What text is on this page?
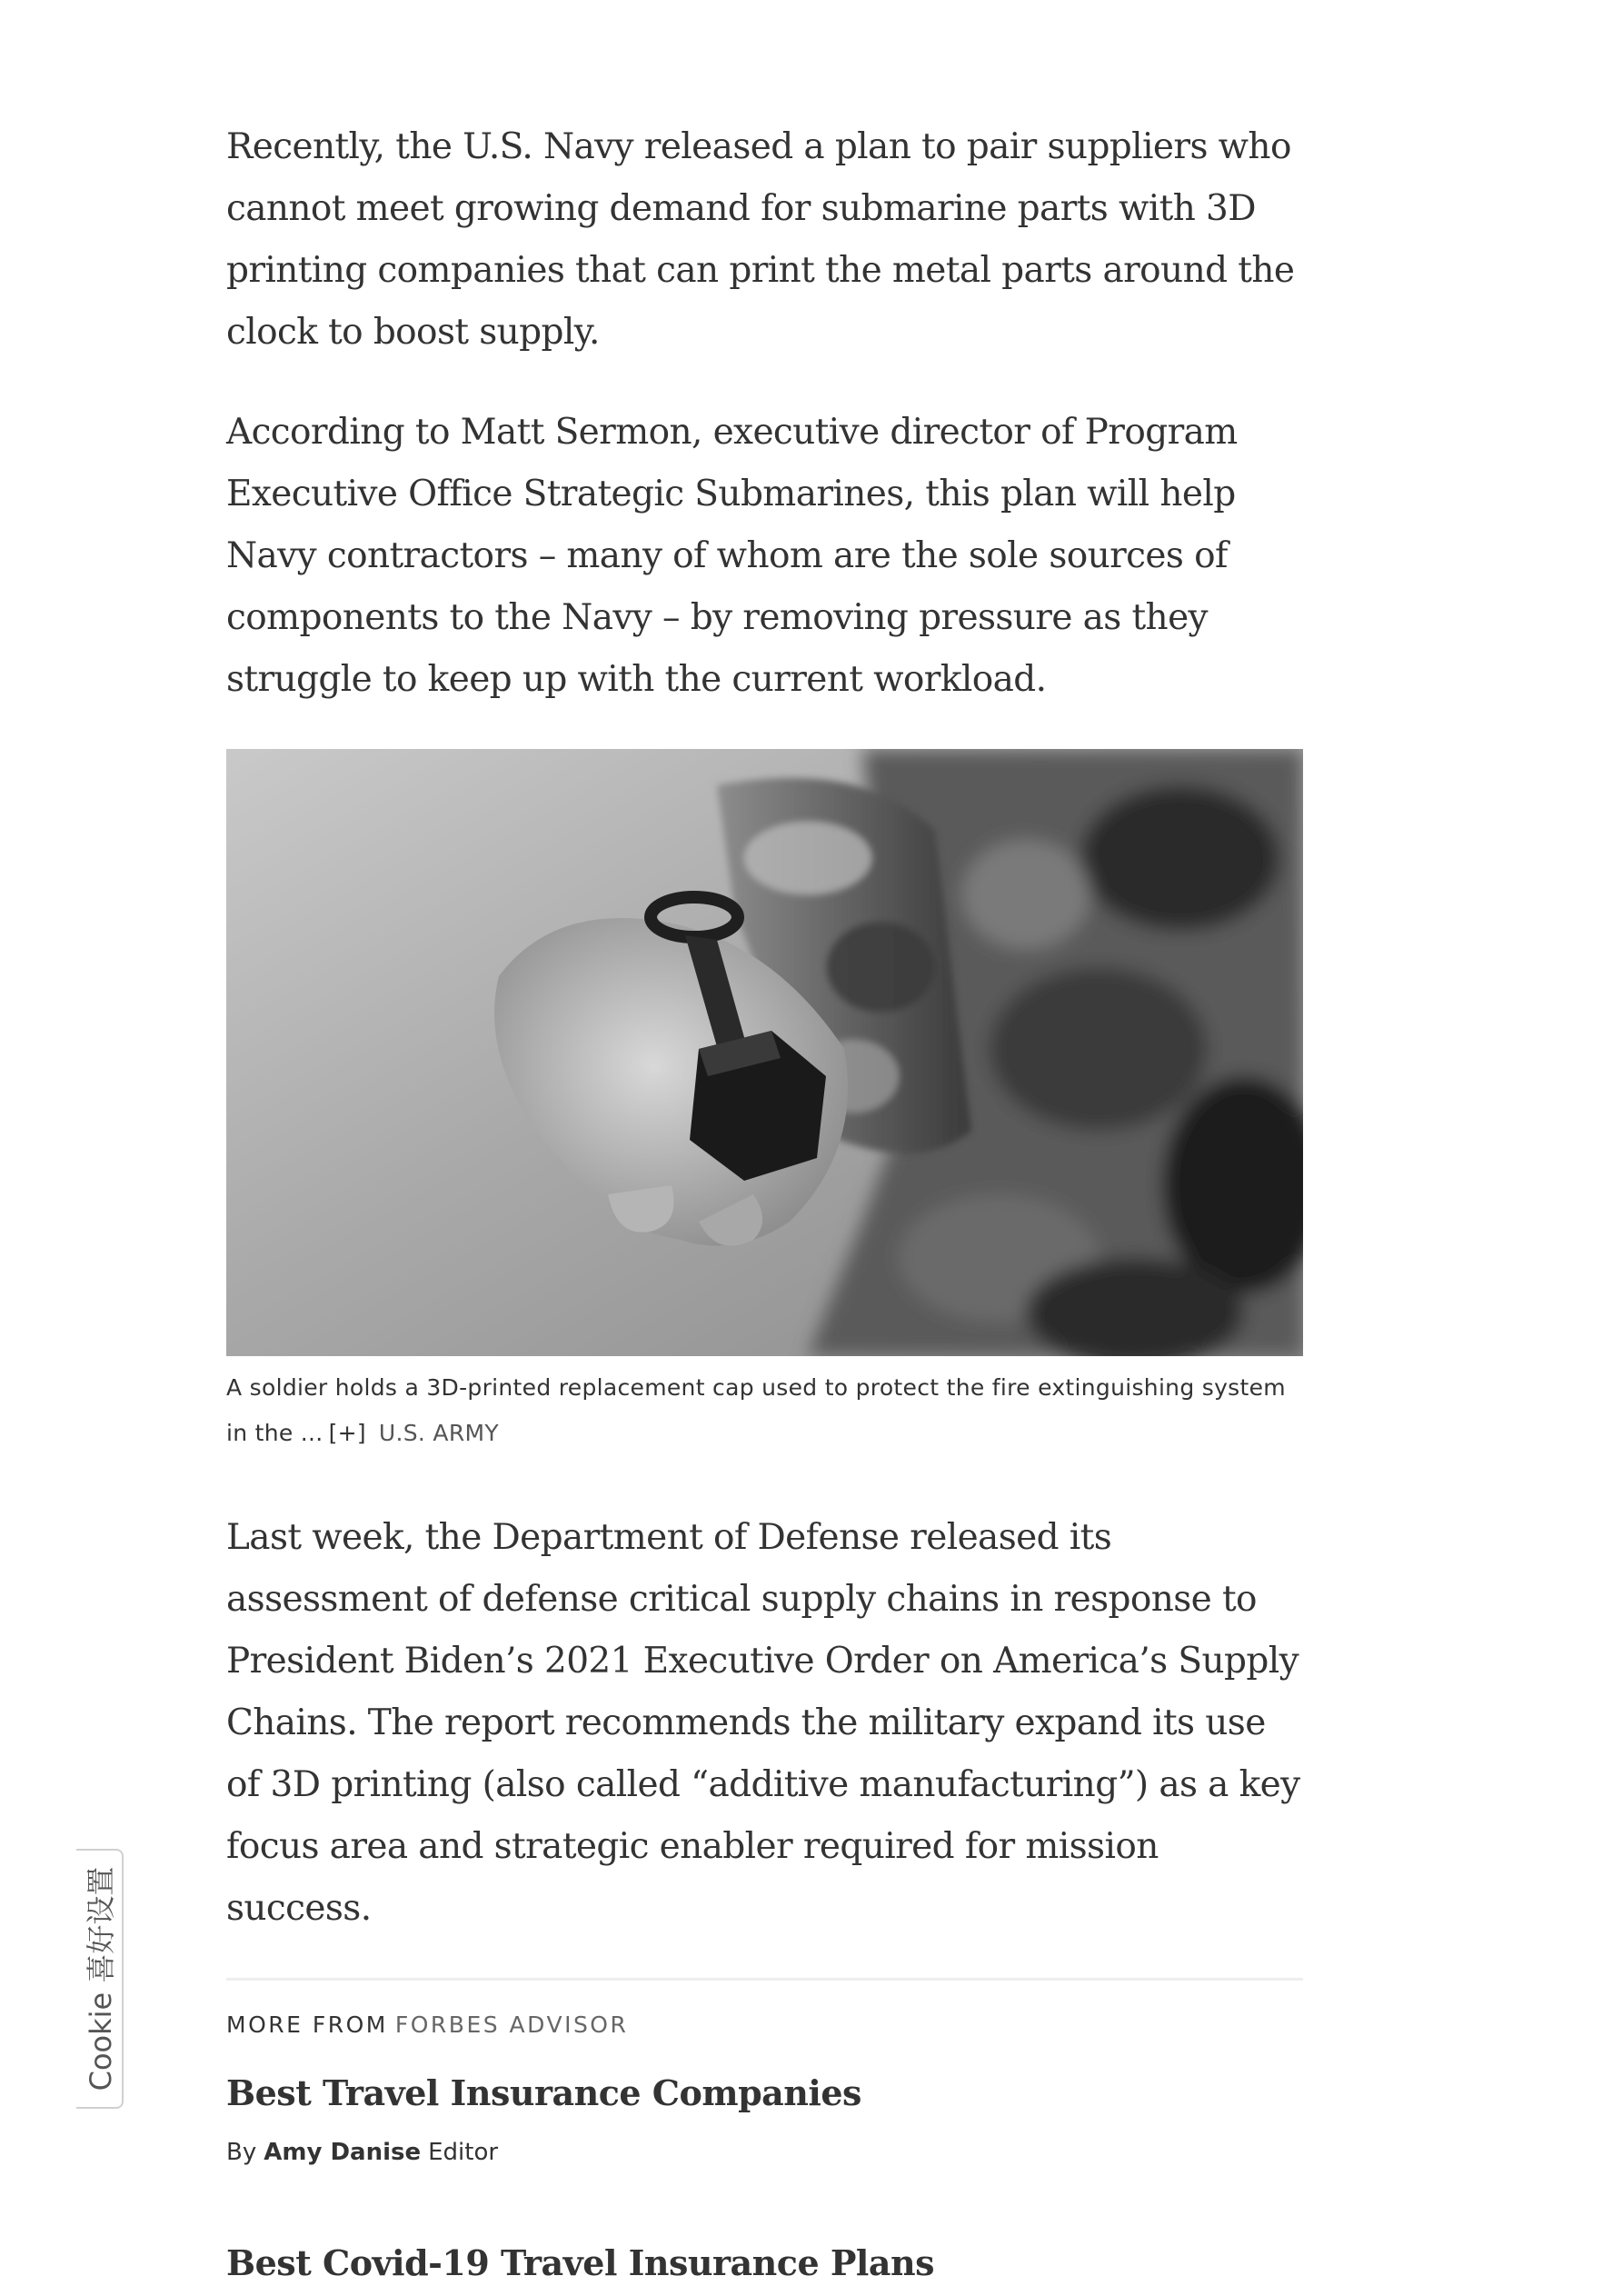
Recently, the U.S. Navy released a plan to pair suppliers who cannot meet growing demand for submarine parts with 3D printing companies that can print the metal parts around the clock to boost supply.

According to Matt Sermon, executive director of Program Executive Office Strategic Submarines, this plan will help Navy contractors – many of whom are the sole sources of components to the Navy – by removing pressure as they struggle to keep up with the current workload.

A soldier holds a 3D-printed replacement cap used to protect the fire extinguishing system in the ... [+] U.S. ARMY

Last week, the Department of Defense released its assessment of defense critical supply chains in response to President Biden’s 2021 Executive Order on America’s Supply Chains. The report recommends the military expand its use of 3D printing (also called “additive manufacturing”) as a key focus area and strategic enabler required for mission success.

MORE FROM FORBES ADVISOR
Best Travel Insurance Companies
By Amy Danise Editor
Best Covid-19 Travel Insurance Plans
Cookie 喜好设置
